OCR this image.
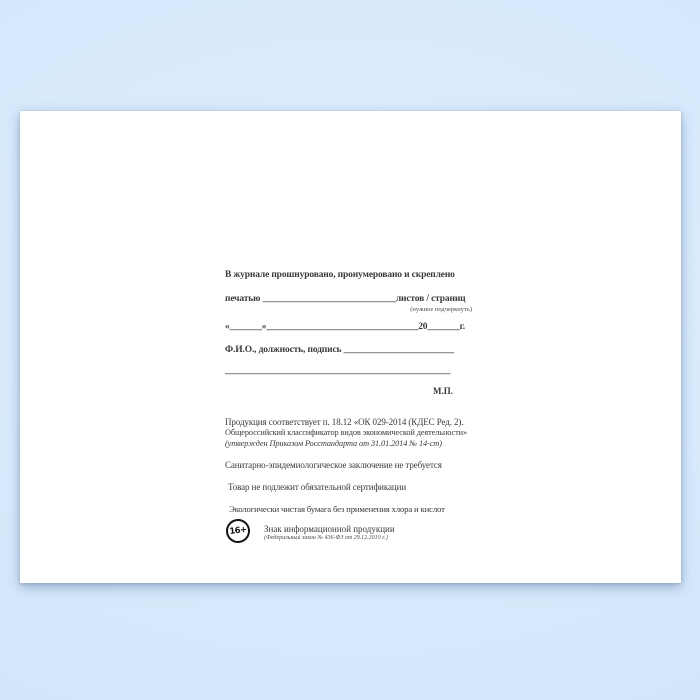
В журнале прошнуровано, пронумеровано и скреплено
печатью _____________________________листов / страниц
(нужное подчеркнуть)
«_______»_________________________________20_______г.
Ф.И.О., должность, подпись ________________________
_________________________________________________
М.П.
Продукция соответствует п. 18.12 «ОК 029-2014 (КДЕС Ред. 2).
Общероссийский классификатор видов экономической деятельности»
(утвержден Приказом Росстандарта от 31.01.2014 № 14-ст)
Санитарно-эпидемиологическое заключение не требуется
Товар не подлежит обязательной сертификации
Экологически чистая бумага без применения хлора и кислот
16+ Знак информационной продукции
(Федеральный закон № 436-ФЗ от 29.12.2010 г.)
